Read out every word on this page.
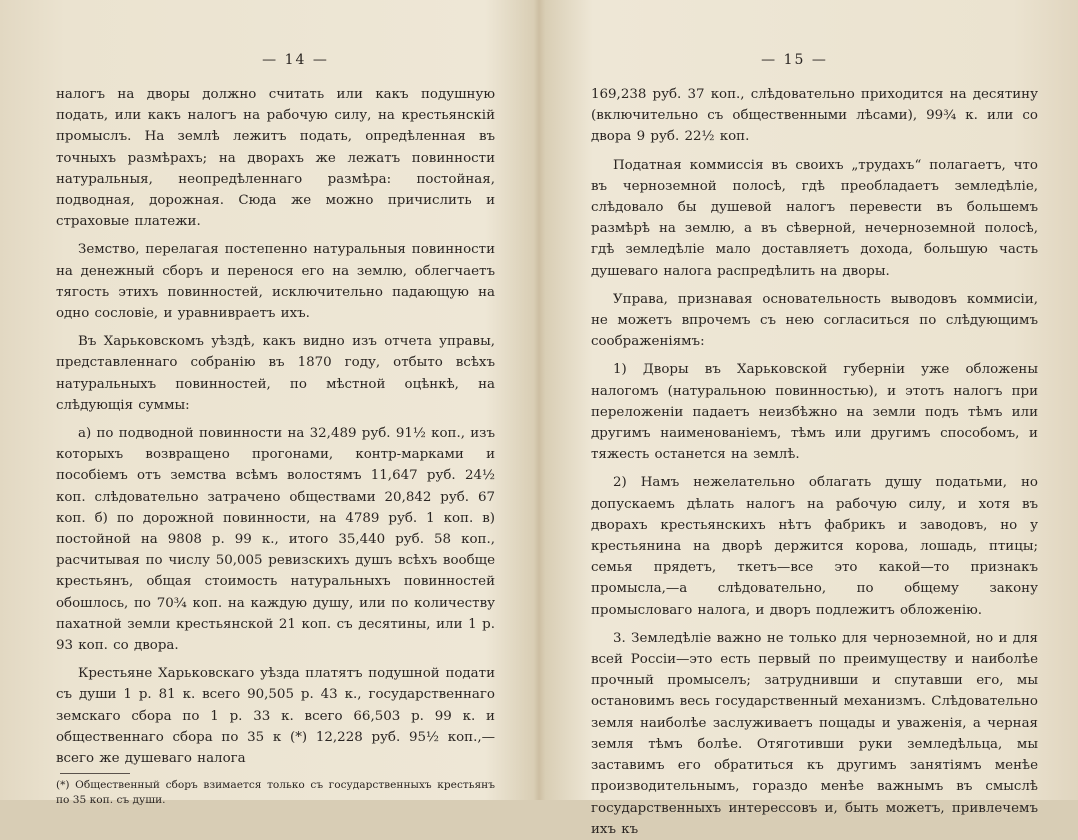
— 14 —

налогъ на дворы должно считать или какъ подушную подать, или какъ налогъ на рабочую силу, на крестьянскій промыслъ. На землѣ лежитъ подать, опредѣленная въ точныхъ размѣрахъ; на дворахъ же лежатъ повинности натуральныя, неопредѣленнаго размѣра: постойная, подводная, дорожная. Сюда же можно причислить и страховые платежи.

Земство, перелагая постепенно натуральныя повинности на денежный сборъ и перенося его на землю, облегчаетъ тягость этихъ повинностей, исключительно падающую на одно сословіе, и уравнивраетъ ихъ.

Въ Харьковскомъ уѣздѣ, какъ видно изъ отчета управы, представленнаго собранію въ 1870 году, отбыто всѣхъ натуральныхъ повинностей, по мѣстной оцѣнкѣ, на слѣдующія суммы:

а) по подводной повинности на 32,489 руб. 91½ коп., изъ которыхъ возвращено прогонами, контр-марками и пособіемъ отъ земства всѣмъ волостямъ 11,647 руб. 24½ коп. слѣдовательно затрачено обществами 20,842 руб. 67 коп. б) по дорожной повинности, на 4789 руб. 1 коп. в) постойной на 9808 р. 99 к., итого 35,440 руб. 58 коп., расчитывая по числу 50,005 ревизскихъ душъ всѣхъ вообще крестьянъ, общая стоимость натуральныхъ повинностей обошлось, по 70¾ коп. на каждую душу, или по количеству пахатной земли крестьянской 21 коп. съ десятины, или 1 р. 93 коп. со двора.

Крестьяне Харьковскаго уѣзда платятъ подушной подати съ души 1 р. 81 к. всего 90,505 р. 43 к., государственнаго земскаго сбора по 1 р. 33 к. всего 66,503 р. 99 к. и общественнаго сбора по 35 к (*) 12,228 руб. 95½ коп.,—всего же душеваго налога

(*) Общественный сборъ взимается только съ государственныхъ крестьянъ по 35 коп. съ души.

— 15 —

169,238 руб. 37 коп., слѣдовательно приходится на десятину (включительно съ общественными лѣсами), 99¾ к. или со двора 9 руб. 22½ коп.

Податная коммиссія въ своихъ „трудахъ“ полагаетъ, что въ черноземной полосѣ, гдѣ преобладаетъ земледѣліе, слѣдовало бы душевой налогъ перевести въ большемъ размѣрѣ на землю, а въ сѣверной, нечерноземной полосѣ, гдѣ земледѣліе мало доставляетъ дохода, большую часть душеваго налога распредѣлить на дворы.

Управа, признавая основательность выводовъ коммисіи, не можетъ впрочемъ съ нею согласиться по слѣдующимъ соображеніямъ:

1) Дворы въ Харьковской губерніи уже обложены налогомъ (натуральною повинностью), и этотъ налогъ при переложеніи падаетъ неизбѣжно на земли подъ тѣмъ или другимъ наименованіемъ, тѣмъ или другимъ способомъ, и тяжесть останется на землѣ.

2) Намъ нежелательно облагать душу податьми, но допускаемъ дѣлать налогъ на рабочую силу, и хотя въ дворахъ крестьянскихъ нѣтъ фабрикъ и заводовъ, но у крестьянина на дворѣ держится корова, лошадь, птицы; семья прядетъ, ткетъ—все это какой—то признакъ промысла,—а слѣдовательно, по общему закону промысловаго налога, и дворъ подлежитъ обложенію.

3. Земледѣліе важно не только для черноземной, но и для всей Россіи—это есть первый по преимуществу и наиболѣе прочный промыселъ; затруднивши и спутавши его, мы остановимъ весь государственный механизмъ. Слѣдовательно земля наиболѣе заслуживаетъ пощады и уваженія, а черная земля тѣмъ болѣе. Отяготивши руки земледѣльца, мы заставимъ его обратиться къ другимъ занятіямъ менѣе производительнымъ, гораздо менѣе важнымъ въ смыслѣ государственныхъ интерессовъ и, быть можетъ, привлечемъ ихъ къ
